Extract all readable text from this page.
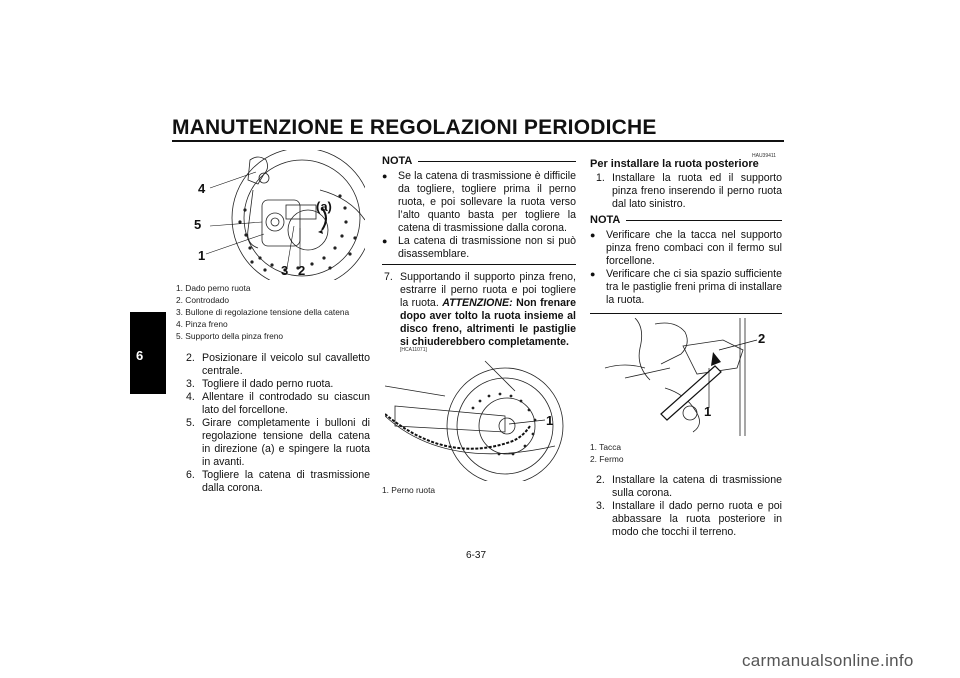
MANUTENZIONE E REGOLAZIONI PERIODICHE
6
4
5
1
3 2
(a)
1. Dado perno ruota
2. Controdado
3. Bullone di regolazione tensione della catena
4. Pinza freno
5. Supporto della pinza freno
2. Posizionare il veicolo sul cavalletto centrale.
3. Togliere il dado perno ruota.
4. Allentare il controdado su ciascun lato del forcellone.
5. Girare completamente i bulloni di regolazione tensione della catena in direzione (a) e spingere la ruota in avanti.
6. Togliere la catena di trasmissione dalla corona.
NOTA
● Se la catena di trasmissione è difficile da togliere, togliere prima il perno ruota, e poi sollevare la ruota verso l’alto quanto basta per togliere la catena di trasmissione dalla corona.
● La catena di trasmissione non si può disassemblare.
7. Supportando il supporto pinza freno, estrarre il perno ruota e poi togliere la ruota. ATTENZIONE: Non frenare dopo aver tolto la ruota insieme al disco freno, altrimenti le pastiglie si chiuderebbero completamente.
[HCA11071]
1
1. Perno ruota
HAU39411
Per installare la ruota posteriore
1. Installare la ruota ed il supporto pinza freno inserendo il perno ruota dal lato sinistro.
NOTA
● Verificare che la tacca nel supporto pinza freno combaci con il fermo sul forcellone.
● Verificare che ci sia spazio sufficiente tra le pastiglie freni prima di installare la ruota.
2
1
1. Tacca
2. Fermo
2. Installare la catena di trasmissione sulla corona.
3. Installare il dado perno ruota e poi abbassare la ruota posteriore in modo che tocchi il terreno.
6-37
carmanualsonline.info
